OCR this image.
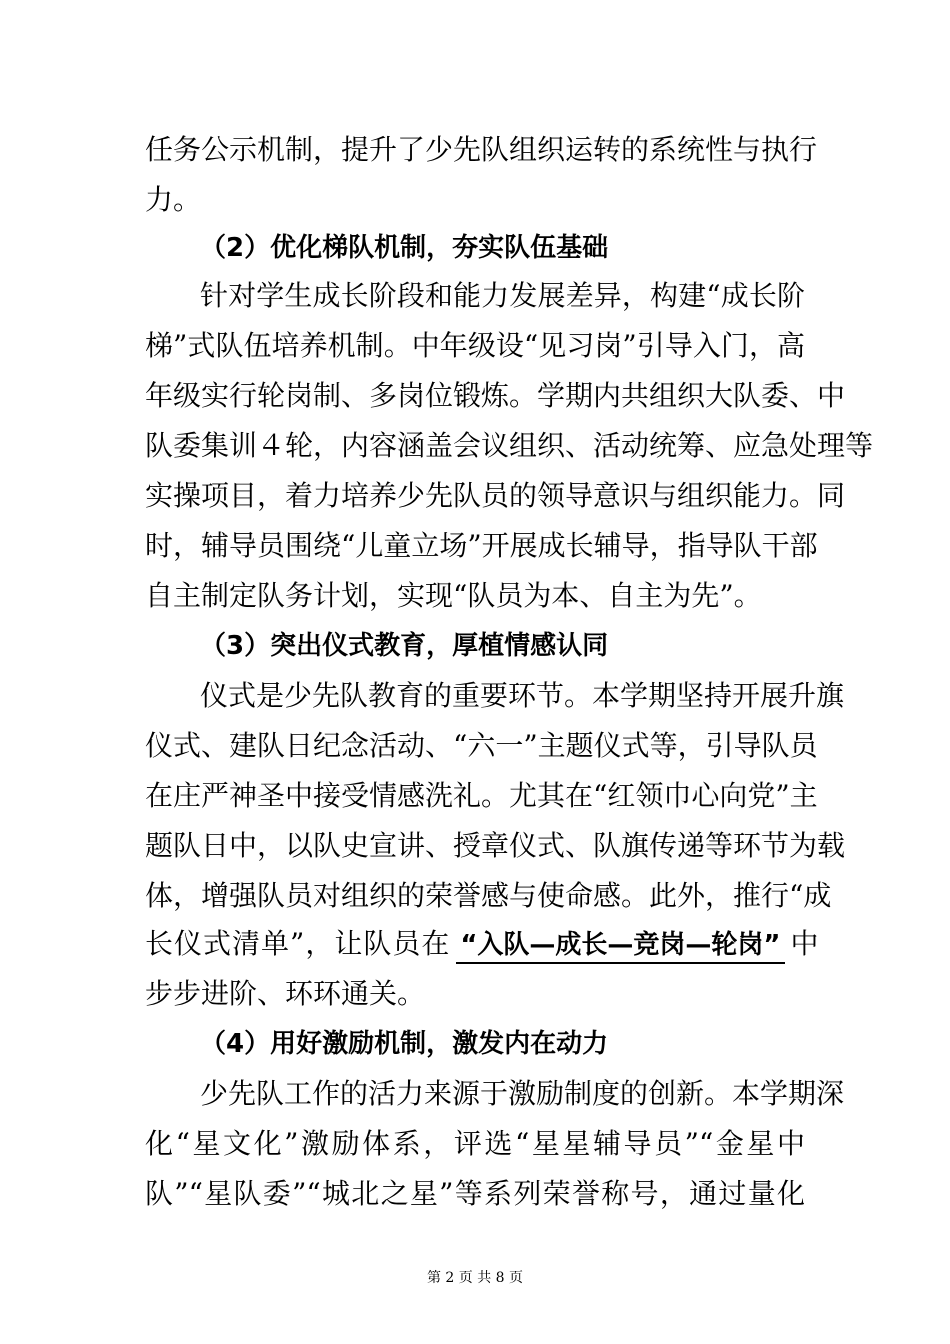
任务公示机制，提升了少先队组织运转的系统性与执行
力。
（2）优化梯队机制，夯实队伍基础
针对学生成长阶段和能力发展差异，构建“成长阶
梯”式队伍培养机制。中年级设“见习岗”引导入门，高
年级实行轮岗制、多岗位锻炼。学期内共组织大队委、中
队委集训４轮，内容涵盖会议组织、活动统筹、应急处理等
实操项目，着力培养少先队员的领导意识与组织能力。同
时，辅导员围绕“儿童立场”开展成长辅导，指导队干部
自主制定队务计划，实现“队员为本、自主为先”。
（3）突出仪式教育，厚植情感认同
仪式是少先队教育的重要环节。本学期坚持开展升旗
仪式、建队日纪念活动、“六一”主题仪式等，引导队员
在庄严神圣中接受情感洗礼。尤其在“红领巾心向党”主
题队日中，以队史宣讲、授章仪式、队旗传递等环节为载
体，增强队员对组织的荣誉感与使命感。此外，推行“成
长仪式清单”，让队员在 “入队—成长—竞岗—轮岗” 中
步步进阶、环环通关。
（4）用好激励机制，激发内在动力
少先队工作的活力来源于激励制度的创新。本学期深
化“星文化”激励体系，评选“星星辅导员”“金星中
队”“星队委”“城北之星”等系列荣誉称号，通过量化
第 2 页 共 8 页
